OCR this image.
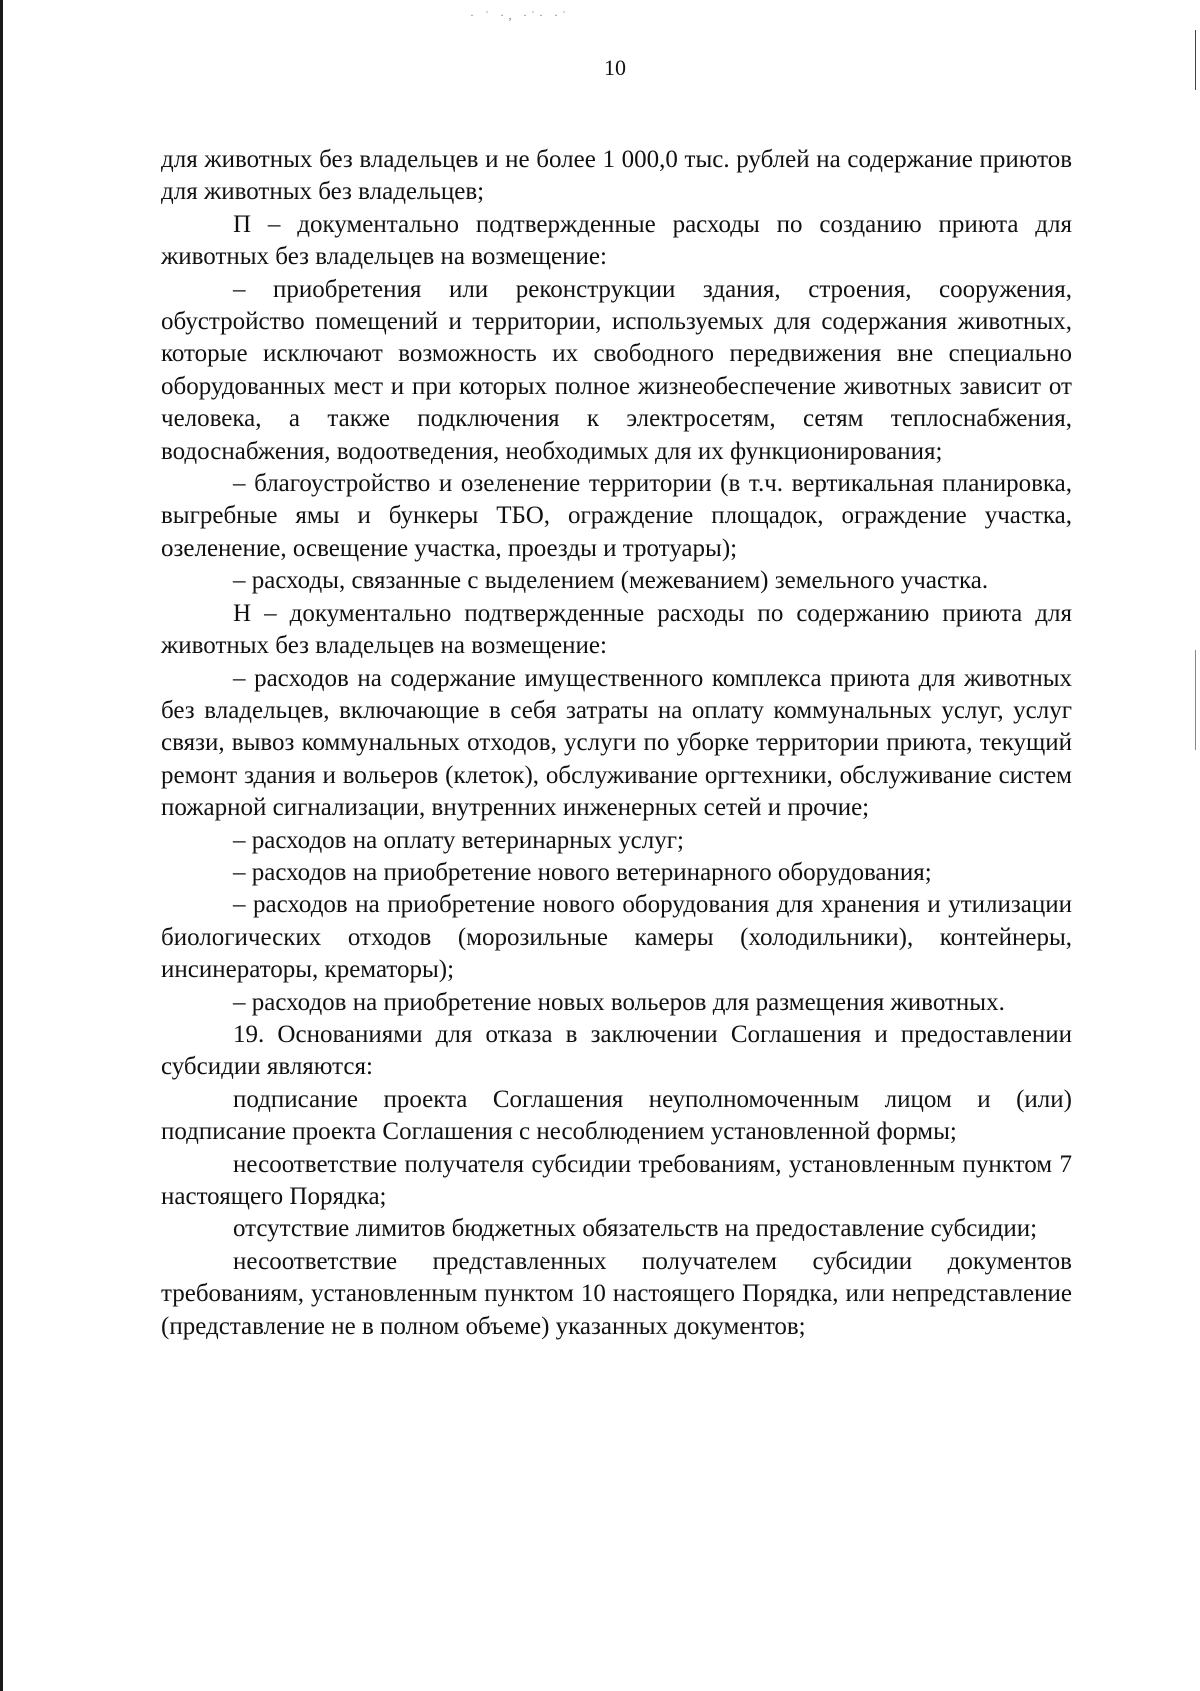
· ˙ ·‚ ·˙· ·˙
10

для животных без владельцев и не более 1 000,0 тыс. рублей на содержание приютов для животных без владельцев;

П – документально подтвержденные расходы по созданию приюта для животных без владельцев на возмещение:

– приобретения или реконструкции здания, строения, сооружения, обустройство помещений и территории, используемых для содержания животных, которые исключают возможность их свободного передвижения вне специально оборудованных мест и при которых полное жизнеобеспечение животных зависит от человека, а также подключения к электросетям, сетям теплоснабжения, водоснабжения, водоотведения, необходимых для их функционирования;

– благоустройство и озеленение территории (в т.ч. вертикальная планировка, выгребные ямы и бункеры ТБО, ограждение площадок, ограждение участка, озеленение, освещение участка, проезды и тротуары);

– расходы, связанные с выделением (межеванием) земельного участка.

Н – документально подтвержденные расходы по содержанию приюта для животных без владельцев на возмещение:

– расходов на содержание имущественного комплекса приюта для животных без владельцев, включающие в себя затраты на оплату коммунальных услуг, услуг связи, вывоз коммунальных отходов, услуги по уборке территории приюта, текущий ремонт здания и вольеров (клеток), обслуживание оргтехники, обслуживание систем пожарной сигнализации, внутренних инженерных сетей и прочие;

– расходов на оплату ветеринарных услуг;

– расходов на приобретение нового ветеринарного оборудования;

– расходов на приобретение нового оборудования для хранения и утилизации биологических отходов (морозильные камеры (холодильники), контейнеры, инсинераторы, крематоры);

– расходов на приобретение новых вольеров для размещения животных.

19. Основаниями для отказа в заключении Соглашения и предоставлении субсидии являются:

подписание проекта Соглашения неуполномоченным лицом и (или) подписание проекта Соглашения с несоблюдением установленной формы;

несоответствие получателя субсидии требованиям, установленным пунктом 7 настоящего Порядка;

отсутствие лимитов бюджетных обязательств на предоставление субсидии;

несоответствие представленных получателем субсидии документов требованиям, установленным пунктом 10 настоящего Порядка, или непредставление (представление не в полном объеме) указанных документов;
